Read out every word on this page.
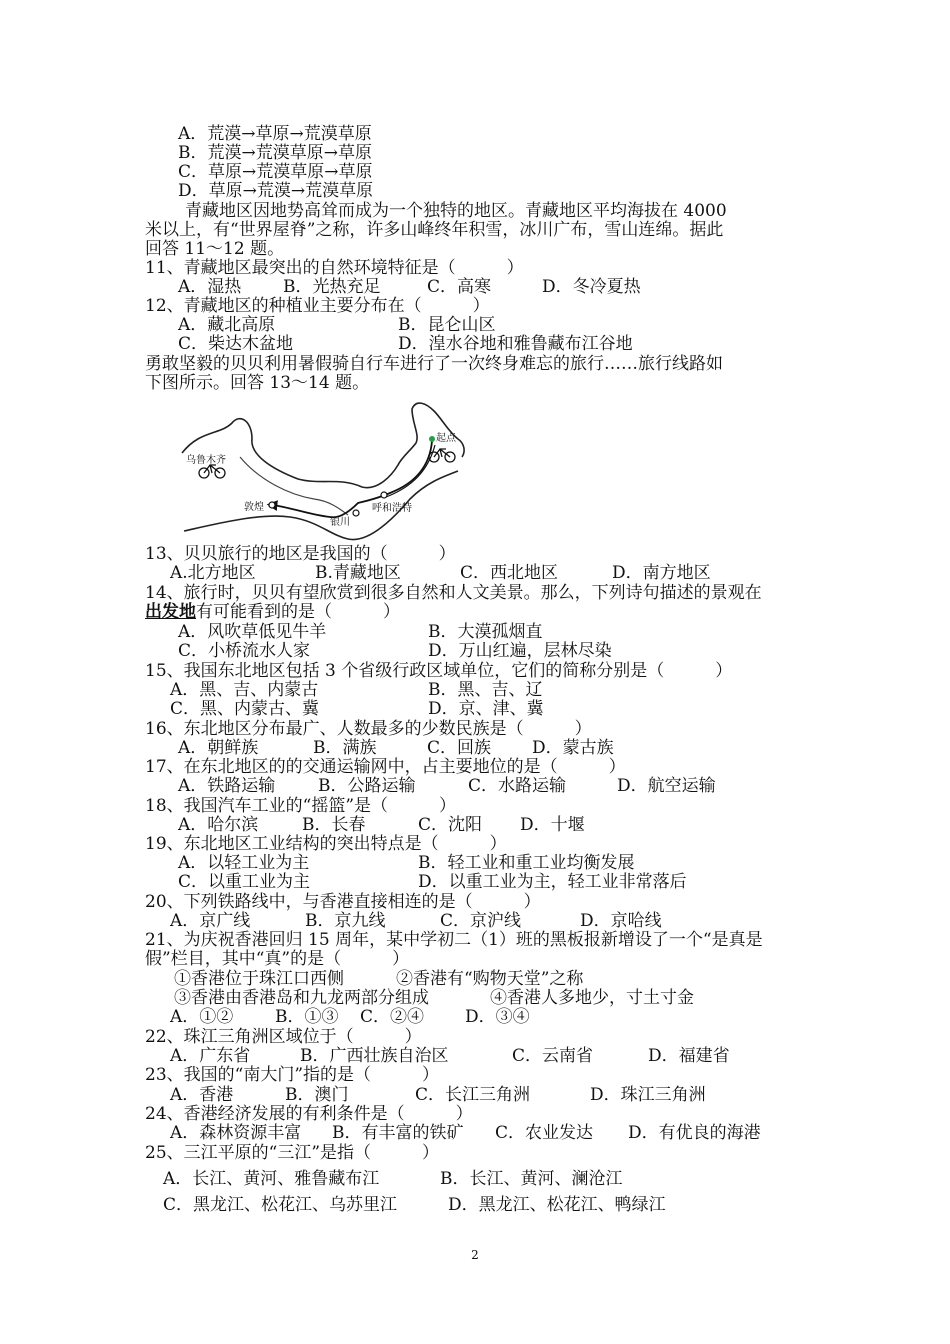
A．荒漠→草原→荒漠草原
B．荒漠→荒漠草原→草原
C．草原→荒漠草原→草原
D．草原→荒漠→荒漠草原
青藏地区因地势高耸而成为一个独特的地区。青藏地区平均海拔在 4000
米以上，有“世界屋脊”之称，许多山峰终年积雪，冰川广布，雪山连绵。据此
回答 11～12 题。
11、青藏地区最突出的自然环境特征是（　　　）
A．湿热 B．光热充足	C．高寒	D．冬冷夏热
12、青藏地区的种植业主要分布在（　　　）
A．藏北高原	B．昆仑山区
C．柴达木盆地	D．湟水谷地和雅鲁藏布江谷地
勇敢坚毅的贝贝利用暑假骑自行车进行了一次终身难忘的旅行……旅行线路如
下图所示。回答 13～14 题。
13、贝贝旅行的地区是我国的（　　　）
A.北方地区	B.青藏地区	C．西北地区	D．南方地区
14、旅行时，贝贝有望欣赏到很多自然和人文美景。那么，下列诗句描述的景观在
A．风吹草低见牛羊	B．大漠孤烟直
C．小桥流水人家	D．万山红遍，层林尽染
15、我国东北地区包括 3 个省级行政区域单位，它们的简称分别是（　　　）
A．黑、吉、内蒙古	B．黑、吉、辽
C．黑、内蒙古、冀	D．京、津、冀
16、东北地区分布最广、人数最多的少数民族是（　　　）
A．朝鲜族	B．满族	C．回族 D．蒙古族
17、在东北地区的的交通运输网中，占主要地位的是（　　　）
A．铁路运输	B．公路运输	C．水路运输	D．航空运输
18、我国汽车工业的“摇篮”是（　　　）
A．哈尔滨	B．长春	C．沈阳 D．十堰
19、东北地区工业结构的突出特点是（　　　）
A．以轻工业为主	B．轻工业和重工业均衡发展
C．以重工业为主	D．以重工业为主，轻工业非常落后
20、下列铁路线中，与香港直接相连的是（　　　）
A．京广线	B．京九线	C．京沪线	D．京哈线
21、为庆祝香港回归 15 周年，某中学初二（1）班的黑板报新增设了一个“是真是
假”栏目，其中“真”的是（　　　）
①香港位于珠江口西侧	②香港有“购物天堂”之称
③香港由香港岛和九龙两部分组成	④香港人多地少，寸土寸金
A．①② B．①③ C．②④ D．③④
22、珠江三角洲区域位于（　　　）
A．广东省	B．广西壮族自治区	C．云南省	D．福建省
23、我国的“南大门”指的是（　　　）
A．香港	B．澳门	C．长江三角洲	D．珠江三角洲
24、香港经济发展的有利条件是（　　　）
A．森林资源丰富 B．有丰富的铁矿 C．农业发达 D．有优良的海港
25、三江平原的“三江”是指（　　　）
A．长江、黄河、雅鲁藏布江	B．长江、黄河、澜沧江
C．黑龙江、松花江、乌苏里江	D．黑龙江、松花江、鸭绿江
起点
乌鲁木齐
敦煌
银川
呼和浩特
出发地有可能看到的是（　　　）
2
